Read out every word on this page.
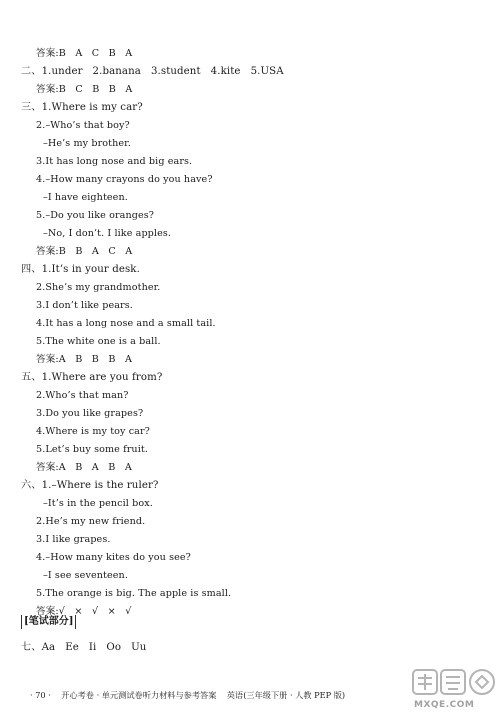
答案:B   A   C   B   A
二、1.under   2.banana   3.student   4.kite   5.USA
答案:B   C   B   B   A
三、1.Where is my car?
2.–Who’s that boy?
–He’s my brother.
3.It has long nose and big ears.
4.–How many crayons do you have?
–I have eighteen.
5.–Do you like oranges?
–No, I don’t. I like apples.
答案:B   B   A   C   A
四、1.It’s in your desk.
2.She’s my grandmother.
3.I don’t like pears.
4.It has a long nose and a small tail.
5.The white one is a ball.
答案:A   B   B   B   A
五、1.Where are you from?
2.Who’s that man?
3.Do you like grapes?
4.Where is my toy car?
5.Let’s buy some fruit.
答案:A   B   A   B   A
六、1.–Where is the ruler?
–It’s in the pencil box.
2.He’s my new friend.
3.I like grapes.
4.–How many kites do you see?
–I see seventeen.
5.The orange is big. The apple is small.
答案:√   ×   √   ×   √
[笔试部分]
七、Aa   Ee   Ii   Oo   Uu
· 70 ·    开心考卷 · 单元测试卷听力材料与参考答案    英语(三年级下册 · 人教 PEP 版)
MXQE.COM
